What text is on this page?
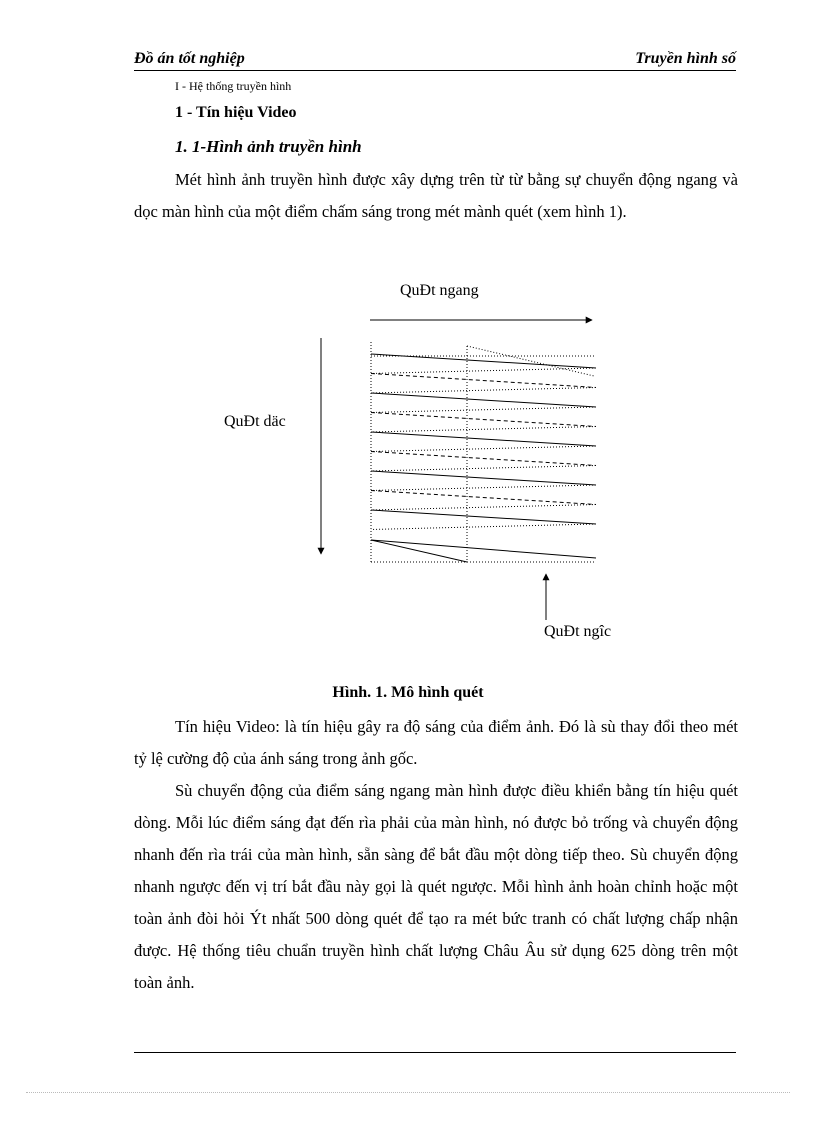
Đồ án tốt nghiệp	Truyền hình số
I - Hệ thống truyền hình
1 - Tín hiệu Video
1. 1-Hình ảnh truyền hình

Mét hình ảnh truyền hình được xây dựng trên từ từ bằng sự chuyển động ngang và dọc màn hình của một điểm chấm sáng trong mét mành quét (xem hình 1).

QuÐt ngang
QuÐt däc
QuÐt ngîc
Hình. 1. Mô hình quét

Tín hiệu Video: là tín hiệu gây ra độ sáng của điểm ảnh. Đó là sù thay đổi theo mét tỷ lệ cường độ của ánh sáng trong ảnh gốc.

Sù chuyển động của điểm sáng ngang màn hình được điều khiển bằng tín hiệu quét dòng. Mỗi lúc điểm sáng đạt đến rìa phải của màn hình, nó được bỏ trống và chuyển động nhanh đến rìa trái của màn hình, sẵn sàng để bắt đầu một dòng tiếp theo. Sù chuyển động nhanh ngược đến vị trí bắt đầu này gọi là quét ngược. Mỗi hình ảnh hoàn chỉnh hoặc một toàn ảnh đòi hỏi Ýt nhất 500 dòng quét để tạo ra mét bức tranh có chất lượng chấp nhận được. Hệ thống tiêu chuẩn truyền hình chất lượng Châu Âu sử dụng 625 dòng trên một toàn ảnh.
